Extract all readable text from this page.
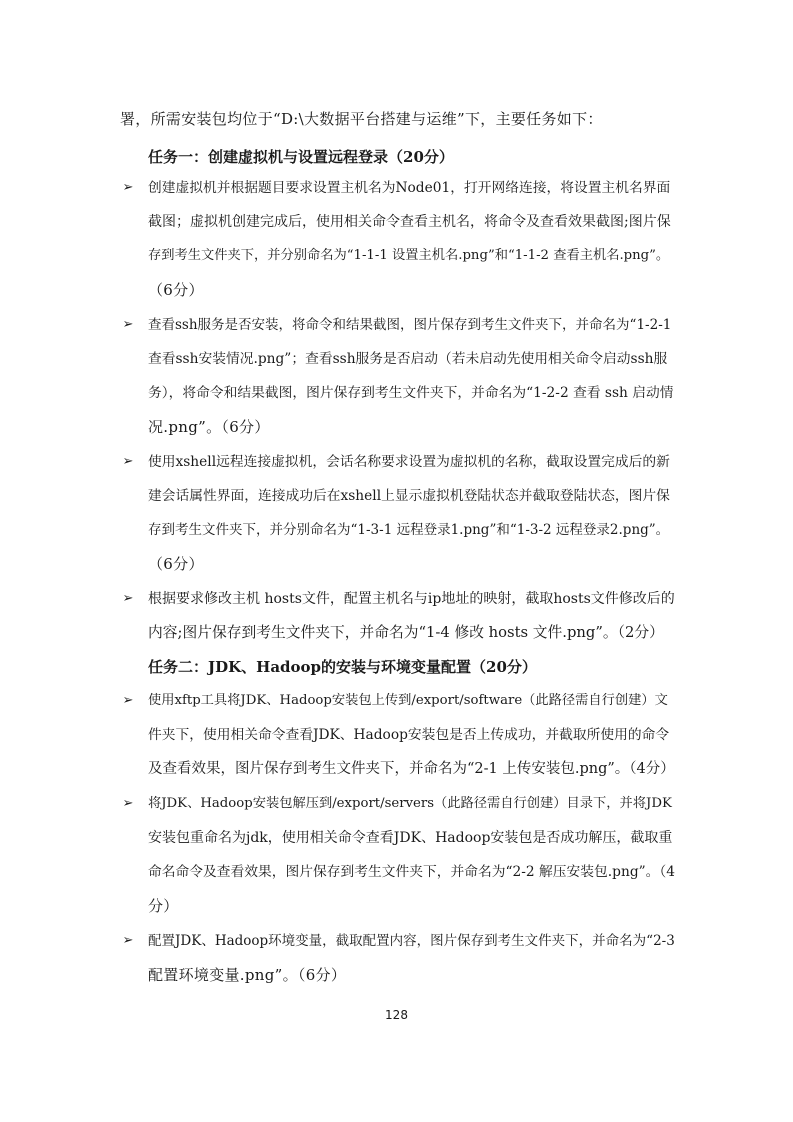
署，所需安装包均位于“D:\大数据平台搭建与运维”下，主要任务如下：
任务一：创建虚拟机与设置远程登录（20分）
➢ 创建虚拟机并根据题目要求设置主机名为Node01，打开网络连接，将设置主机名界面
截图；虚拟机创建完成后，使用相关命令查看主机名，将命令及查看效果截图;图片保
存到考生文件夹下，并分别命名为“1-1-1 设置主机名.png”和“1-1-2 查看主机名.png”。
（6分）
➢ 查看ssh服务是否安装，将命令和结果截图，图片保存到考生文件夹下，并命名为“1-2-1
查看ssh安装情况.png”；查看ssh服务是否启动（若未启动先使用相关命令启动ssh服
务），将命令和结果截图，图片保存到考生文件夹下，并命名为“1-2-2 查看 ssh 启动情
况.png”。（6分）
➢ 使用xshell远程连接虚拟机，会话名称要求设置为虚拟机的名称，截取设置完成后的新
建会话属性界面，连接成功后在xshell上显示虚拟机登陆状态并截取登陆状态，图片保
存到考生文件夹下，并分别命名为“1-3-1 远程登录1.png”和“1-3-2 远程登录2.png”。
（6分）
➢ 根据要求修改主机 hosts文件，配置主机名与ip地址的映射，截取hosts文件修改后的
内容;图片保存到考生文件夹下，并命名为“1-4 修改 hosts 文件.png”。（2分）
任务二：JDK、Hadoop的安装与环境变量配置（20分）
➢ 使用xftp工具将JDK、Hadoop安装包上传到/export/software（此路径需自行创建）文
件夹下，使用相关命令查看JDK、Hadoop安装包是否上传成功，并截取所使用的命令
及查看效果，图片保存到考生文件夹下，并命名为“2-1 上传安装包.png”。（4分）
➢ 将JDK、Hadoop安装包解压到/export/servers（此路径需自行创建）目录下，并将JDK
安装包重命名为jdk，使用相关命令查看JDK、Hadoop安装包是否成功解压，截取重
命名命令及查看效果，图片保存到考生文件夹下，并命名为“2-2 解压安装包.png”。（4
分）
➢ 配置JDK、Hadoop环境变量，截取配置内容，图片保存到考生文件夹下，并命名为“2-3
配置环境变量.png”。（6分）
128
